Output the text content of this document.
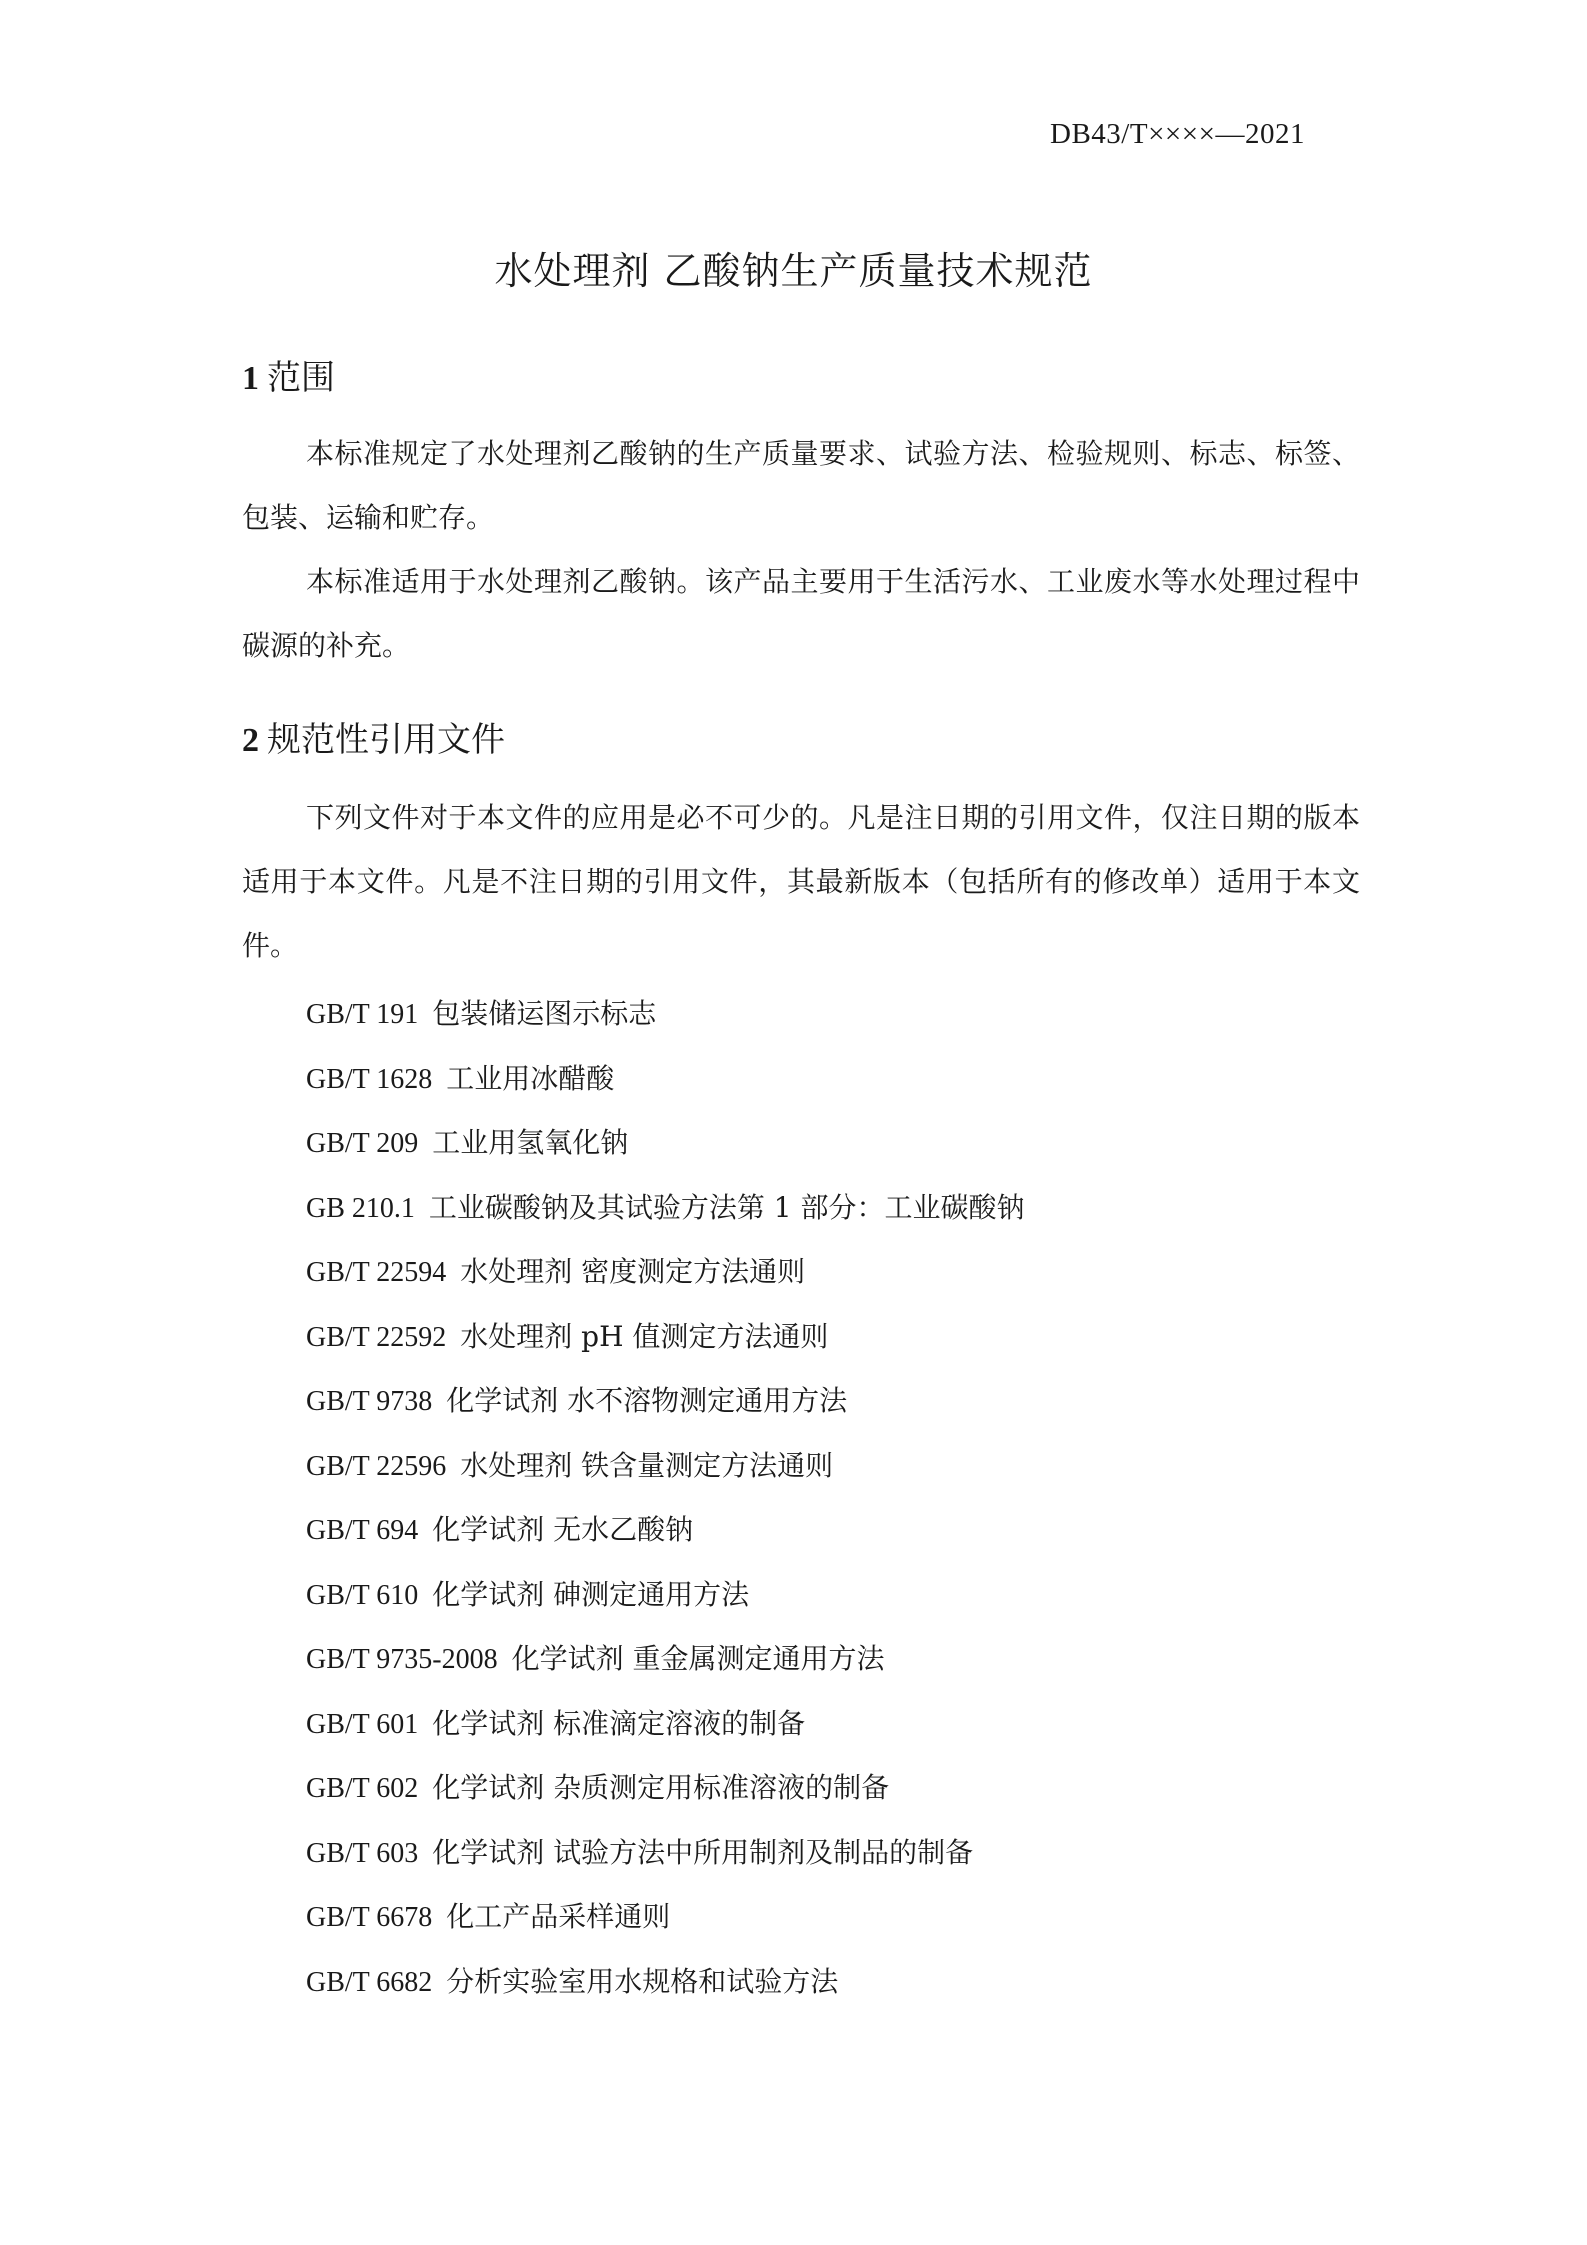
DB43/T××××—2021
水处理剂 乙酸钠生产质量技术规范
1 范围

本标准规定了水处理剂乙酸钠的生产质量要求、试验方法、检验规则、标志、标签、包装、运输和贮存。

本标准适用于水处理剂乙酸钠。该产品主要用于生活污水、工业废水等水处理过程中碳源的补充。

2 规范性引用文件

下列文件对于本文件的应用是必不可少的。凡是注日期的引用文件，仅注日期的版本适用于本文件。凡是不注日期的引用文件，其最新版本（包括所有的修改单）适用于本文件。

GB/T 191 包装储运图示标志
GB/T 1628 工业用冰醋酸
GB/T 209 工业用氢氧化钠
GB 210.1 工业碳酸钠及其试验方法第 1 部分：工业碳酸钠
GB/T 22594 水处理剂 密度测定方法通则
GB/T 22592 水处理剂 pH 值测定方法通则
GB/T 9738 化学试剂 水不溶物测定通用方法
GB/T 22596 水处理剂 铁含量测定方法通则
GB/T 694 化学试剂 无水乙酸钠
GB/T 610 化学试剂 砷测定通用方法
GB/T 9735-2008 化学试剂 重金属测定通用方法
GB/T 601 化学试剂 标准滴定溶液的制备
GB/T 602 化学试剂 杂质测定用标准溶液的制备
GB/T 603 化学试剂 试验方法中所用制剂及制品的制备
GB/T 6678 化工产品采样通则
GB/T 6682 分析实验室用水规格和试验方法
